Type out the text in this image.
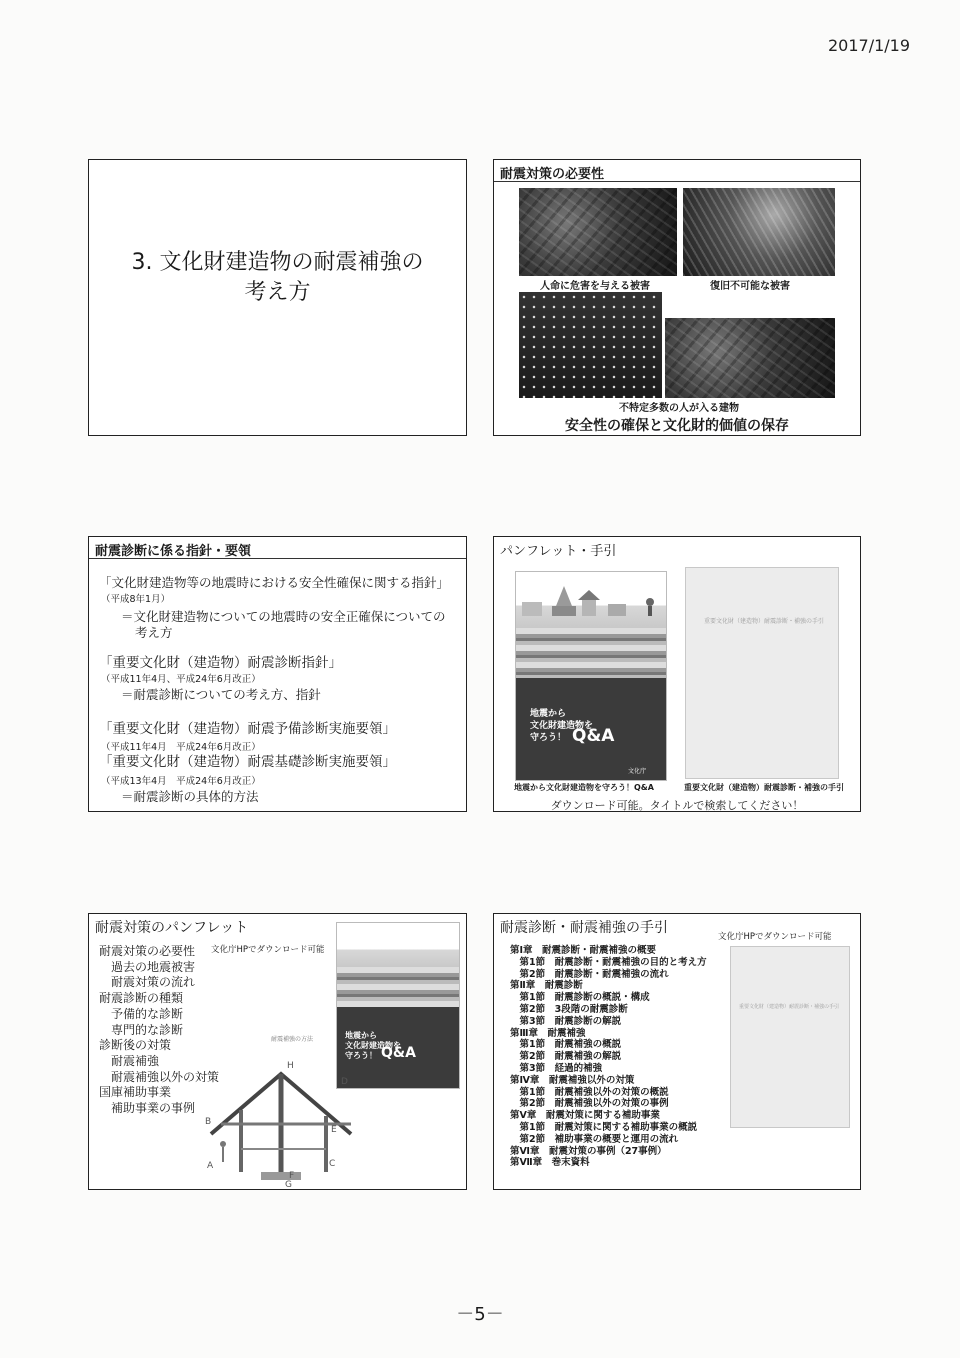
2017/1/19
－5－
3. 文化財建造物の耐震補強の
考え方
耐震対策の必要性
人命に危害を与える被害	復旧不可能な被害
不特定多数の人が入る建物
安全性の確保と文化財的価値の保存
耐震診断に係る指針・要領
「文化財建造物等の地震時における安全性確保に関する指針」
（平成8年1月）
＝文化財建造物についての地震時の安全正確保についての
考え方
「重要文化財（建造物）耐震診断指針」
（平成11年4月、平成24年6月改正）
＝耐震診断についての考え方、指針
「重要文化財（建造物）耐震予備診断実施要領」
（平成11年4月　平成24年6月改正）
「重要文化財（建造物）耐震基礎診断実施要領」
（平成13年4月　平成24年6月改正）
＝耐震診断の具体的方法
パンフレット・手引
地震から
文化財建造物を
守ろう！ Q&A
文化庁
重要文化財（建造物）耐震診断・補強の手引
地震から文化財建造物を守ろう！Q&A	重要文化財（建造物）耐震診断・補強の手引
ダウンロード可能。タイトルで検索してください！
耐震対策のパンフレット
耐震対策の必要性
　過去の地震被害
　耐震対策の流れ
耐震診断の種類
　予備的な診断
　専門的な診断
診断後の対策
　耐震補強
　耐震補強以外の対策
国庫補助事業
　補助事業の事例
文化庁HPでダウンロード可能
地震から
文化財建造物を
守ろう！ Q&A
耐震補強の方法
A
B
C
D
E
F
G
H
耐震診断・耐震補強の手引
文化庁HPでダウンロード可能
重要文化財（建造物）耐震診断・補強の手引
第Ⅰ章　耐震診断・耐震補強の概要
　第1節　耐震診断・耐震補強の目的と考え方
　第2節　耐震診断・耐震補強の流れ
第Ⅱ章　耐震診断
　第1節　耐震診断の概説・構成
　第2節　3段階の耐震診断
　第3節　耐震診断の解説
第Ⅲ章　耐震補強
　第1節　耐震補強の概説
　第2節　耐震補強の解説
　第3節　経過的補強
第Ⅳ章　耐震補強以外の対策
　第1節　耐震補強以外の対策の概説
　第2節　耐震補強以外の対策の事例
第Ⅴ章　耐震対策に関する補助事業
　第1節　耐震対策に関する補助事業の概説
　第2節　補助事業の概要と運用の流れ
第Ⅵ章　耐震対策の事例（27事例）
第Ⅶ章　巻末資料
